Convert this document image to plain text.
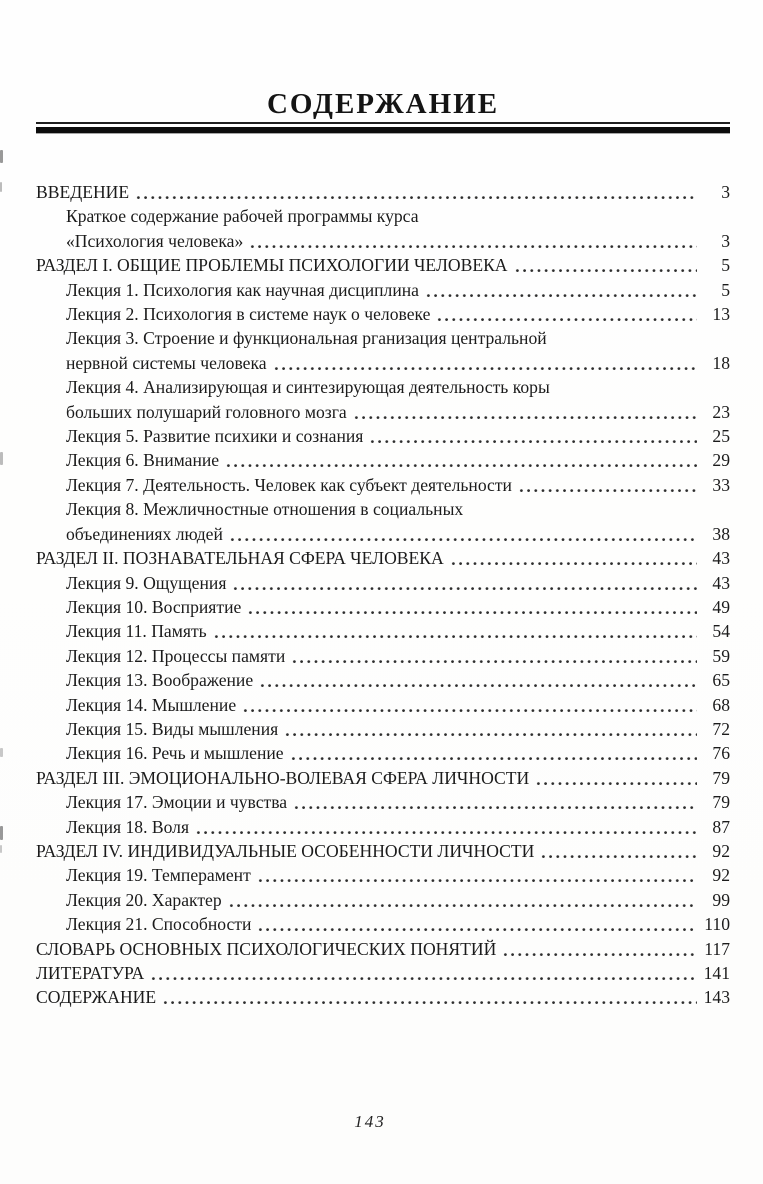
СОДЕРЖАНИЕ
ВВЕДЕНИЕ	3
Краткое содержание рабочей программы курса
«Психология человека»	3
РАЗДЕЛ I. ОБЩИЕ ПРОБЛЕМЫ ПСИХОЛОГИИ ЧЕЛОВЕКА	5
Лекция 1. Психология как научная дисциплина	5
Лекция 2. Психология в системе наук о человеке	13
Лекция 3. Строение и функциональная рганизация центральной
нервной системы человека	18
Лекция 4. Анализирующая и синтезирующая деятельность коры
больших полушарий головного мозга	23
Лекция 5. Развитие психики и сознания	25
Лекция 6. Внимание	29
Лекция 7. Деятельность. Человек как субъект деятельности	33
Лекция 8. Межличностные отношения в социальных
объединениях людей	38
РАЗДЕЛ II. ПОЗНАВАТЕЛЬНАЯ СФЕРА ЧЕЛОВЕКА	43
Лекция 9. Ощущения	43
Лекция 10. Восприятие	49
Лекция 11. Память	54
Лекция 12. Процессы памяти	59
Лекция 13. Воображение	65
Лекция 14. Мышление	68
Лекция 15. Виды мышления	72
Лекция 16. Речь и мышление	76
РАЗДЕЛ III. ЭМОЦИОНАЛЬНО-ВОЛЕВАЯ СФЕРА ЛИЧНОСТИ	79
Лекция 17. Эмоции и чувства	79
Лекция 18. Воля	87
РАЗДЕЛ IV. ИНДИВИДУАЛЬНЫЕ ОСОБЕННОСТИ ЛИЧНОСТИ	92
Лекция 19. Темперамент	92
Лекция 20. Характер	99
Лекция 21. Способности	110
СЛОВАРЬ ОСНОВНЫХ ПСИХОЛОГИЧЕСКИХ ПОНЯТИЙ	117
ЛИТЕРАТУРА	141
СОДЕРЖАНИЕ	143
143
